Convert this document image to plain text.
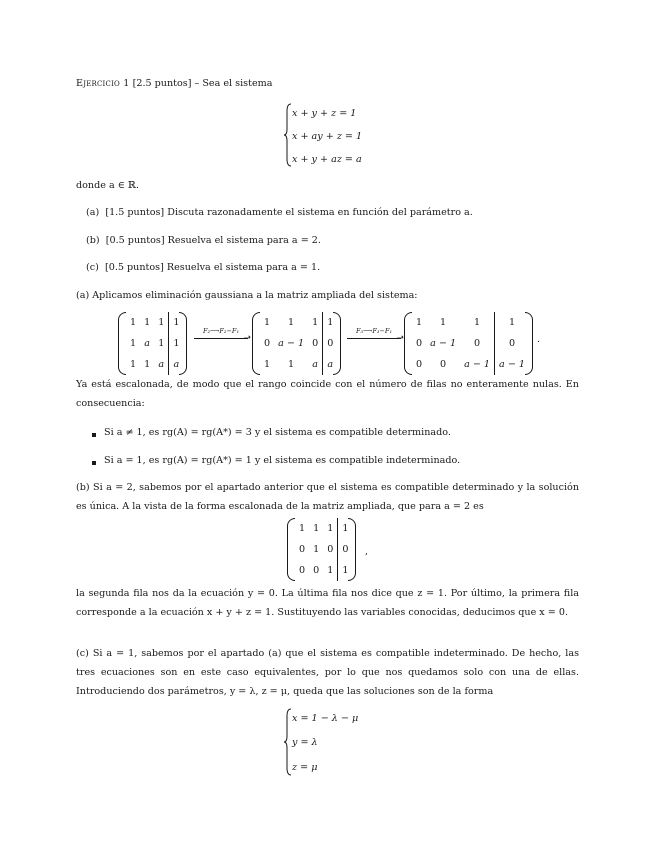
Ejercicio 1 [2.5 puntos] – Sea el sistema
x + y + z = 1
x + ay + z = 1
x + y + az = a
donde a ∈ ℝ.
(a) [1.5 puntos] Discuta razonadamente el sistema en función del parámetro a.
(b) [0.5 puntos] Resuelva el sistema para a = 2.
(c) [0.5 puntos] Resuelva el sistema para a = 1.
(a) Aplicamos eliminación gaussiana a la matriz ampliada del sistema:
1	1	1	1
1	a	1	1
1	1	a	a
F₂⟶F₂−F₁
➝
1	1	1	1
0	a − 1	0	0
1	1	a	a
F₃⟶F₃−F₁
➝
1	1	1	1
0	a − 1	0	0
0	0	a − 1	a − 1
.
Ya está escalonada, de modo que el rango coincide con el número de filas no enteramente nulas. En consecuencia:
Si a ≠ 1, es rg(A) = rg(A*) = 3 y el sistema es compatible determinado.
Si a = 1, es rg(A) = rg(A*) = 1 y el sistema es compatible indeterminado.
(b) Si a = 2, sabemos por el apartado anterior que el sistema es compatible determinado y la solución es única. A la vista de la forma escalonada de la matriz ampliada, que para a = 2 es
1	1	1	1
0	1	0	0
0	0	1	1
,
la segunda fila nos da la ecuación y = 0. La última fila nos dice que z = 1. Por último, la primera fila corresponde a la ecuación x + y + z = 1. Sustituyendo las variables conocidas, deducimos que x = 0.
(c) Si a = 1, sabemos por el apartado (a) que el sistema es compatible indeterminado. De hecho, las tres ecuaciones son en este caso equivalentes, por lo que nos quedamos solo con una de ellas. Introduciendo dos parámetros, y = λ, z = μ, queda que las soluciones son de la forma
x = 1 − λ − μ
y = λ
z = μ
